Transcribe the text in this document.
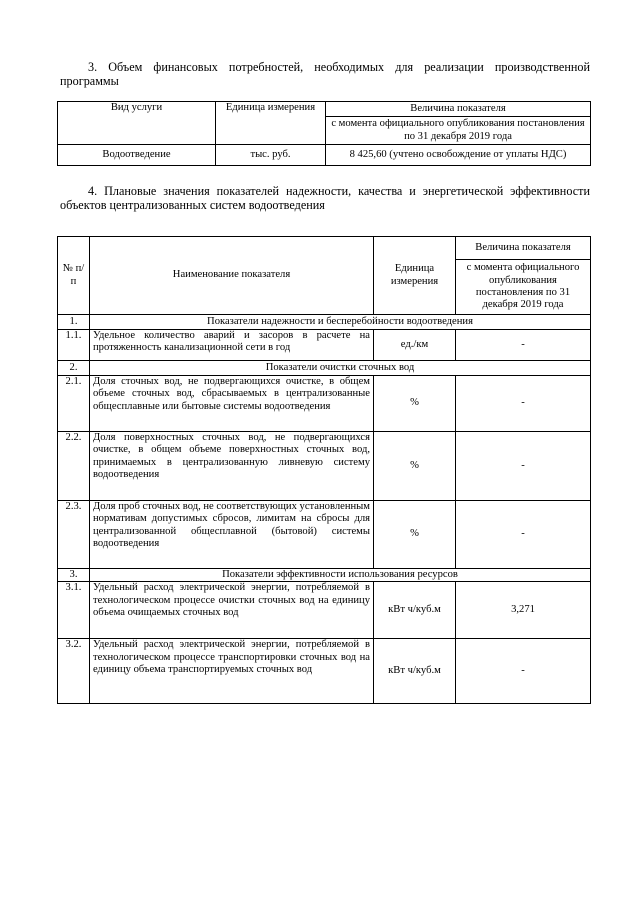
3. Объем финансовых потребностей, необходимых для реализации производственной программы
Вид услуги	Единица измерения	Величина показателя
		с момента официального опубликования постановления по 31 декабря 2019 года
Водоотведение	тыс. руб.	8 425,60 (учтено освобождение от уплаты НДС)
4. Плановые значения показателей надежности, качества и энергетической эффективности объектов централизованных систем водоотведения
№ п/п	Наименование показателя	Единица измерения	Величина показателя
			с момента официального опубликования постановления по 31 декабря 2019 года
1.	Показатели надежности и бесперебойности водоотведения		
1.1.	Удельное количество аварий и засоров в расчете на протяженность канализационной сети в год	ед./км	-
2.	Показатели очистки сточных вод		
2.1.	Доля сточных вод, не подвергающихся очистке, в общем объеме сточных вод, сбрасываемых в централизованные общесплавные или бытовые системы водоотведения	%	-
2.2.	Доля поверхностных сточных вод, не подвергающихся очистке, в общем объеме поверхностных сточных вод, принимаемых в централизованную ливневую систему водоотведения	%	-
2.3.	Доля проб сточных вод, не соответствующих установленным нормативам допустимых сбросов, лимитам на сбросы для централизованной общесплавной (бытовой) системы водоотведения	%	-
3.	Показатели эффективности использования ресурсов		
3.1.	Удельный расход электрической энергии, потребляемой в технологическом процессе очистки сточных вод на единицу объема очищаемых сточных вод	кВт ч/куб.м	3,271
3.2.	Удельный расход электрической энергии, потребляемой в технологическом процессе транспортировки сточных вод на единицу объема транспортируемых сточных вод	кВт ч/куб.м	-
